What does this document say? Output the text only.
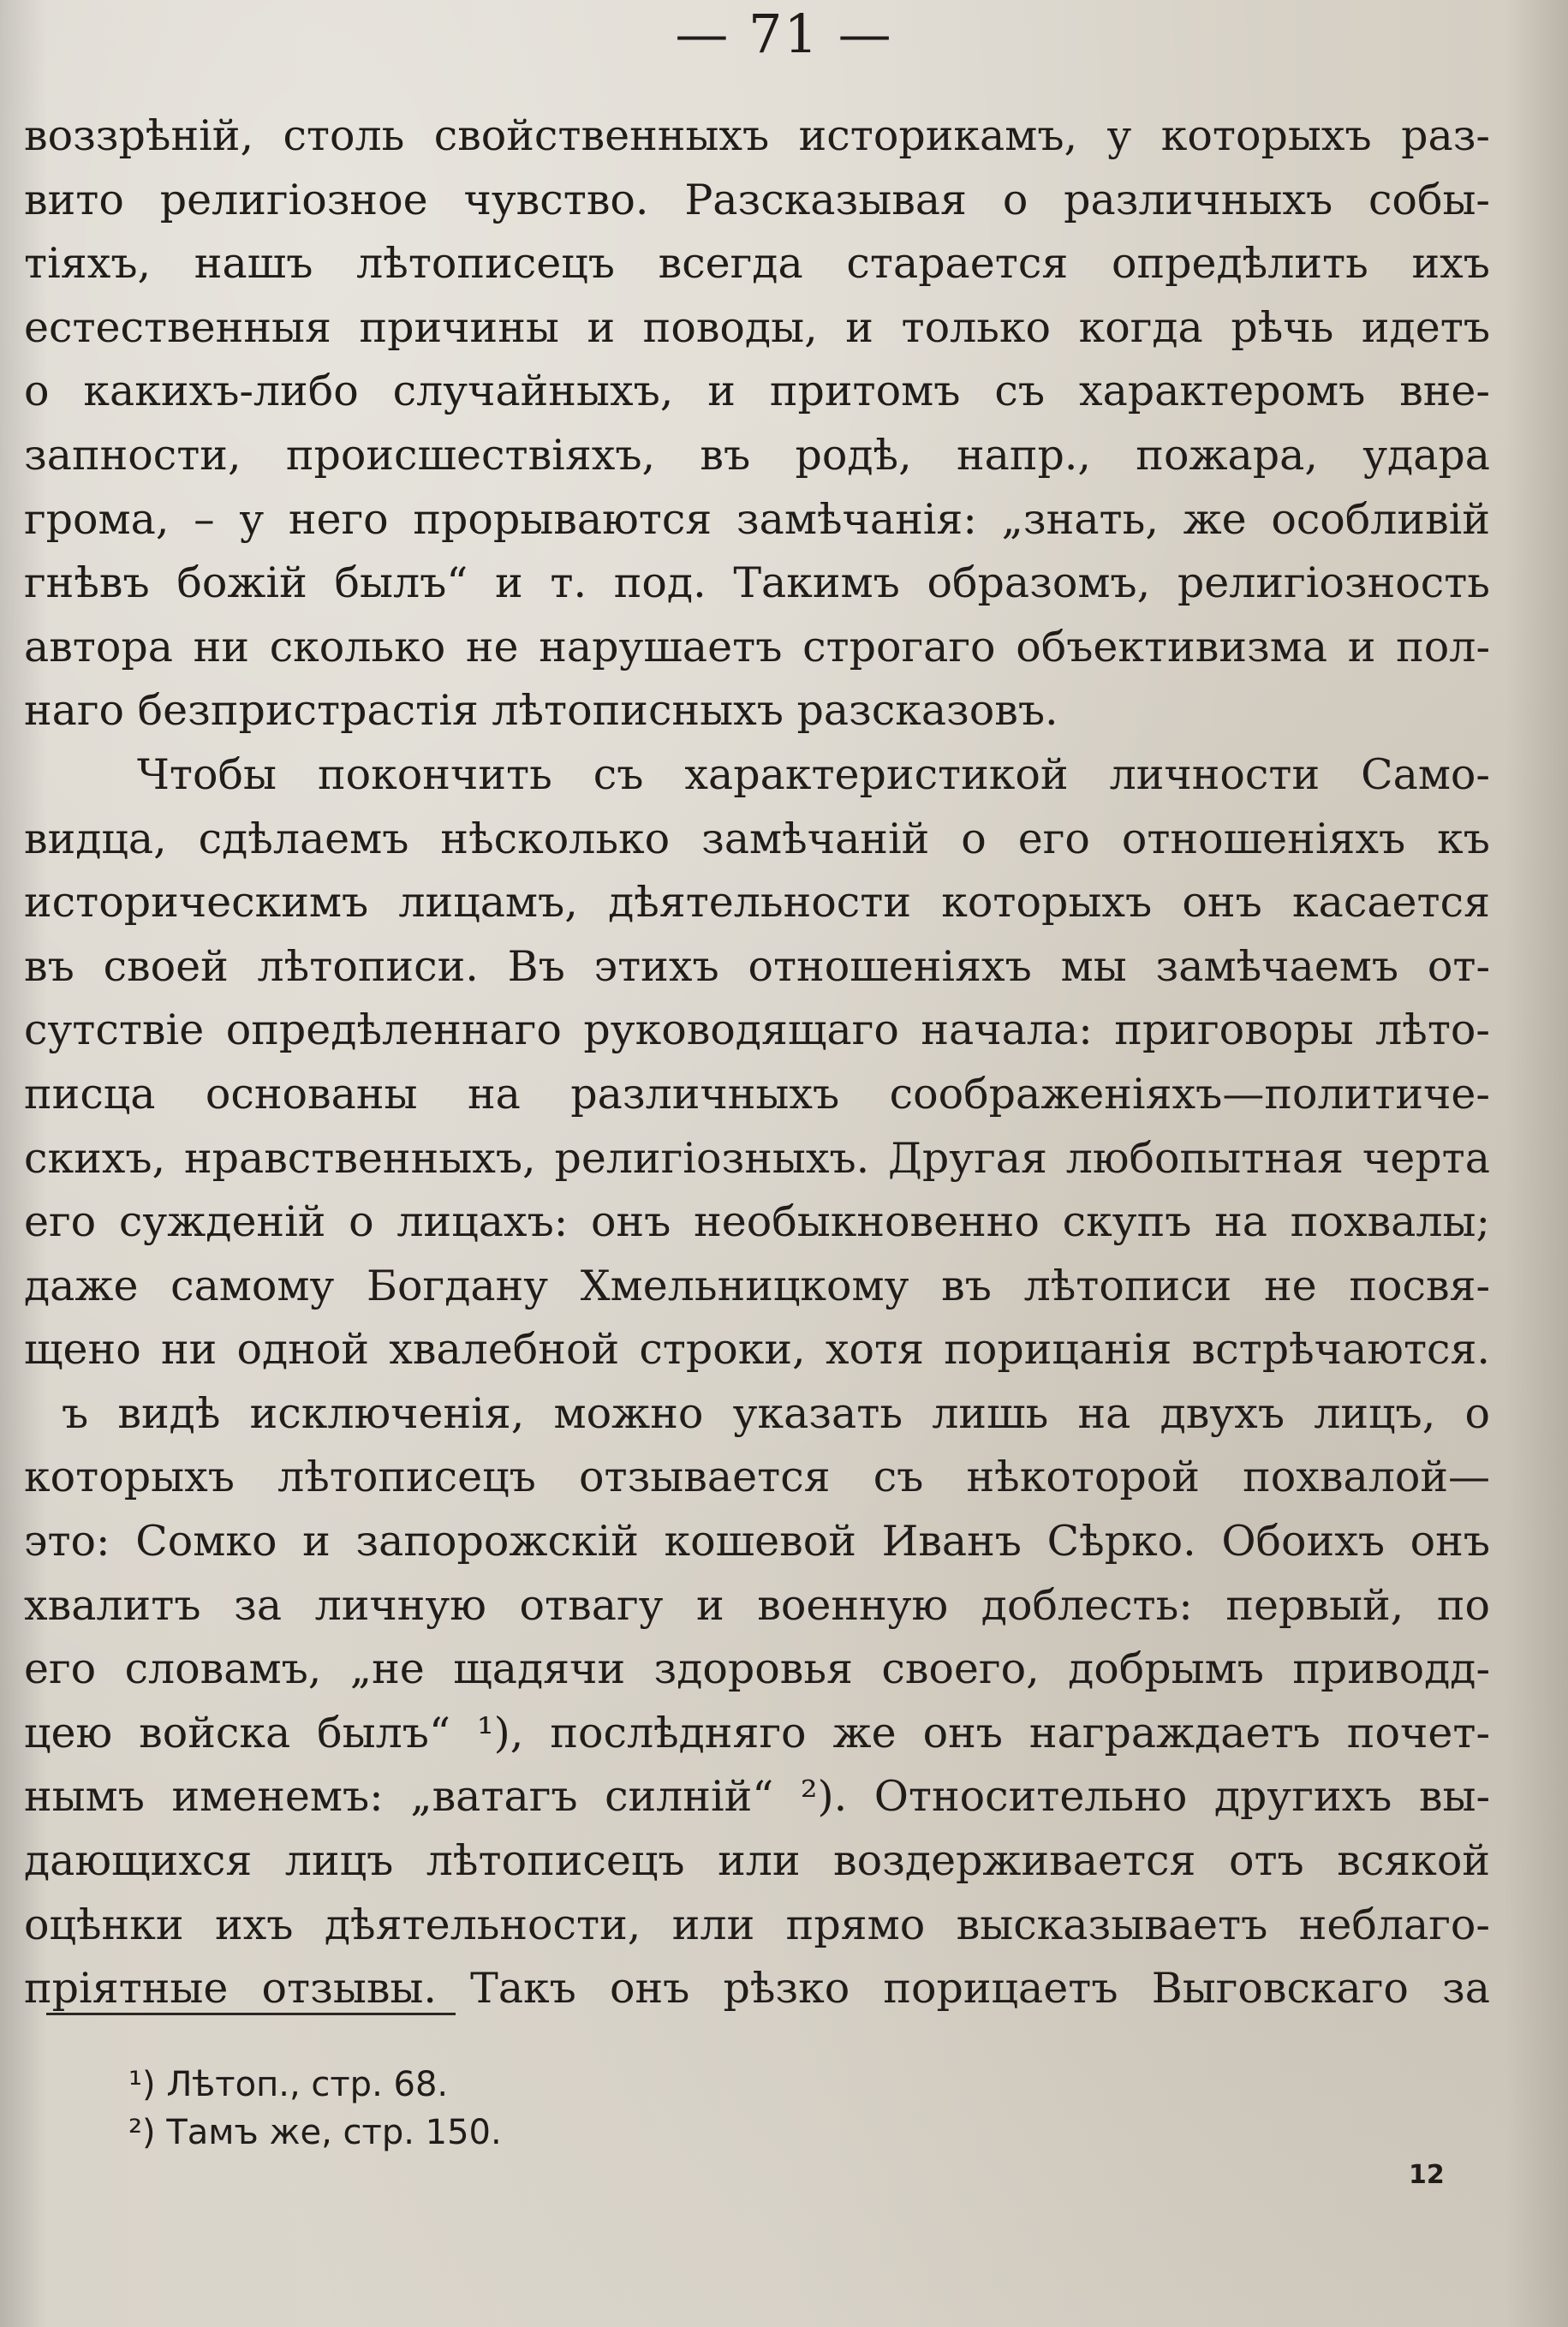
— 71 —
воззрѣній, столь свойственныхъ историкамъ, у которыхъ раз-
вито религіозное чувство. Разсказывая о различныхъ собы-
тіяхъ, нашъ лѣтописецъ всегда старается опредѣлить ихъ
естественныя причины и поводы, и только когда рѣчь идетъ
о какихъ-либо случайныхъ, и притомъ съ характеромъ вне-
запности, происшествіяхъ, въ родѣ, напр., пожара, удара
грома, – у него прорываются замѣчанія: „знать, же особливій
гнѣвъ божій былъ“ и т. под. Такимъ образомъ, религіозность
автора ни сколько не нарушаетъ строгаго объективизма и пол-
наго безпристрастія лѣтописныхъ разсказовъ.
Чтобы покончить съ характеристикой личности Само-
видца, сдѣлаемъ нѣсколько замѣчаній о его отношеніяхъ къ
историческимъ лицамъ, дѣятельности которыхъ онъ касается
въ своей лѣтописи. Въ этихъ отношеніяхъ мы замѣчаемъ от-
сутствіе опредѣленнаго руководящаго начала: приговоры лѣто-
писца основаны на различныхъ соображеніяхъ—политиче-
скихъ, нравственныхъ, религіозныхъ. Другая любопытная черта
его сужденій о лицахъ: онъ необыкновенно скупъ на похвалы;
даже самому Богдану Хмельницкому въ лѣтописи не посвя-
щено ни одной хвалебной строки, хотя порицанія встрѣчаются.
ъ видѣ исключенія, можно указать лишь на двухъ лицъ, о
которыхъ лѣтописецъ отзывается съ нѣкоторой похвалой—
это: Сомко и запорожскій кошевой Иванъ Сѣрко. Обоихъ онъ
хвалитъ за личную отвагу и военную доблесть: первый, по
его словамъ, „не щадячи здоровья своего, добрымъ приводд-
цею войска былъ“ ¹), послѣдняго же онъ награждаетъ почет-
нымъ именемъ: „ватагъ силній“ ²). Относительно другихъ вы-
дающихся лицъ лѣтописецъ или воздерживается отъ всякой
оцѣнки ихъ дѣятельности, или прямо высказываетъ неблаго-
пріятные отзывы. Такъ онъ рѣзко порицаетъ Выговскаго за
¹) Лѣтоп., стр. 68.
²) Тамъ же, стр. 150.
12
